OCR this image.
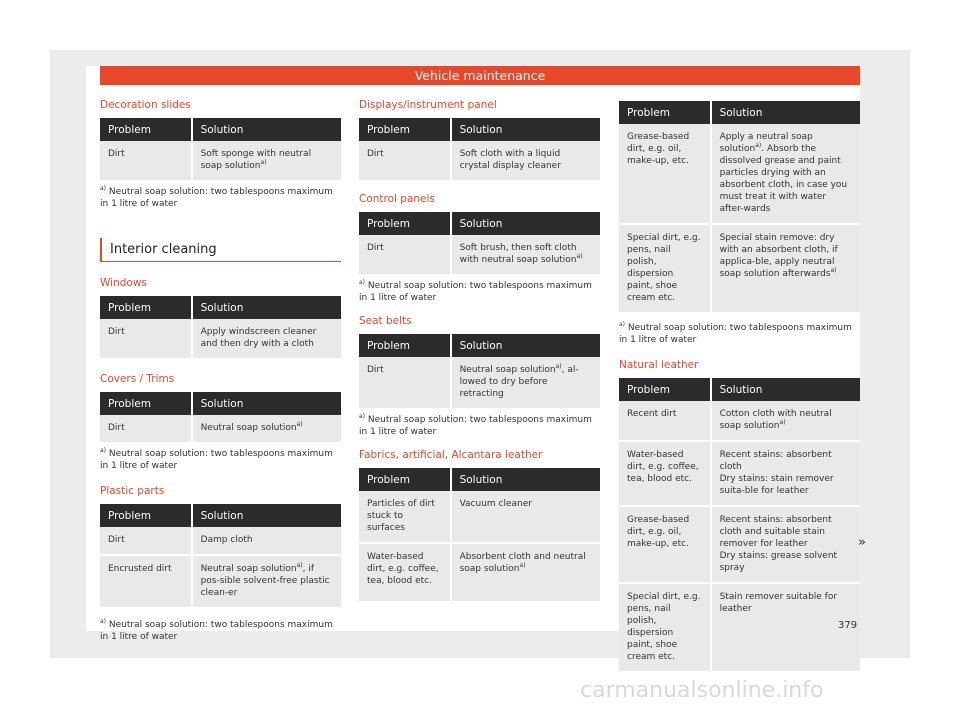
Vehicle maintenance
Decoration slides
Problem	Solution
Dirt	Soft sponge with neutral soap solution$^{a)}$
$^{a)}$ Neutral soap solution: two tablespoons maximum in 1 litre of water
Interior cleaning
Windows
Problem	Solution
Dirt	Apply windscreen cleaner and then dry with a cloth
Covers / Trims
Problem	Solution
Dirt	Neutral soap solution$^{a)}$
$^{a)}$ Neutral soap solution: two tablespoons maximum in 1 litre of water
Plastic parts
Problem	Solution
Dirt	Damp cloth
Encrusted dirt	Neutral soap solution$^{a)}$, if pos-sible solvent-free plastic clean-er
$^{a)}$ Neutral soap solution: two tablespoons maximum in 1 litre of water
Displays/instrument panel
Problem	Solution
Dirt	Soft cloth with a liquid crystal display cleaner
Control panels
Problem	Solution
Dirt	Soft brush, then soft cloth with neutral soap solution$^{a)}$
$^{a)}$ Neutral soap solution: two tablespoons maximum in 1 litre of water
Seat belts
Problem	Solution
Dirt	Neutral soap solution$^{a)}$, al-lowed to dry before retracting
$^{a)}$ Neutral soap solution: two tablespoons maximum in 1 litre of water
Fabrics, artificial, Alcantara leather
Problem	Solution
Particles of dirt stuck to surfaces	Vacuum cleaner
Water-based dirt, e.g. coffee, tea, blood etc.	Absorbent cloth and neutral soap solution$^{a)}$
Problem	Solution
Grease-based dirt, e.g. oil, make-up, etc.	Apply a neutral soap solution$^{a)}$. Absorb the dissolved grease and paint particles drying with an absorbent cloth, in case you must treat it with water after-wards
Special dirt, e.g. pens, nail polish, dispersion paint, shoe cream etc.	Special stain remove: dry with an absorbent cloth, if applica-ble, apply neutral soap solution afterwards$^{a)}$
$^{a)}$ Neutral soap solution: two tablespoons maximum in 1 litre of water
Natural leather
Problem	Solution
Recent dirt	Cotton cloth with neutral soap solution$^{a)}$
Water-based dirt, e.g. coffee, tea, blood etc.	Recent stains: absorbent cloth
Dry stains: stain remover suita-ble for leather

Grease-based dirt, e.g. oil, make-up, etc.	Recent stains: absorbent cloth and suitable stain remover for leather
Dry stains: grease solvent spray

Special dirt, e.g. pens, nail polish, dispersion paint, shoe cream etc.	Stain remover suitable for leather
»
379
carmanualsonline.info
